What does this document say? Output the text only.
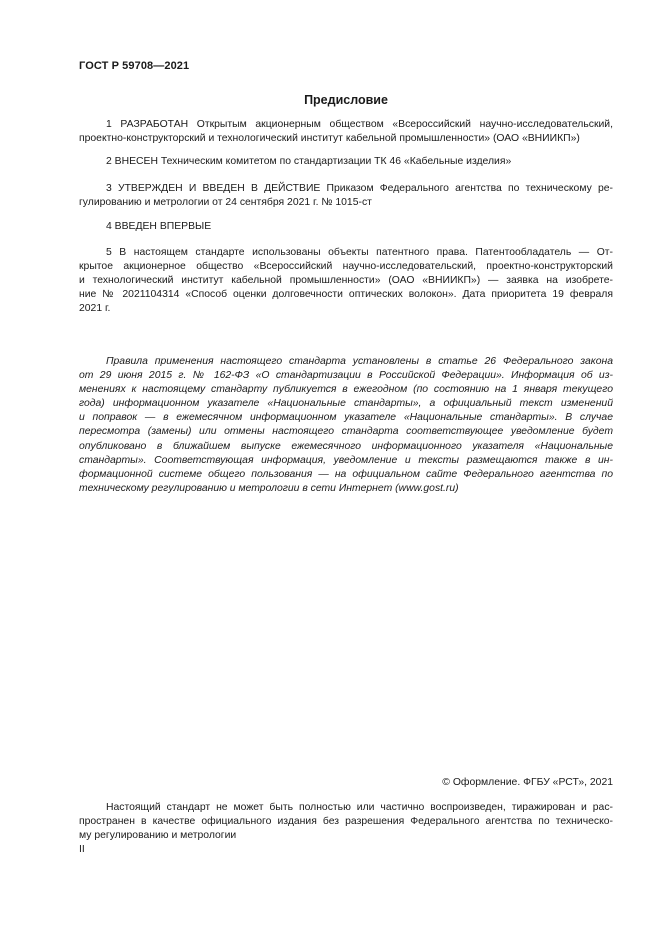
ГОСТ Р 59708—2021
Предисловие
1 РАЗРАБОТАН Открытым акционерным обществом «Всероссийский научно-исследовательский,
проектно-конструкторский и технологический институт кабельной промышленности» (ОАО «ВНИИКП»)
2 ВНЕСЕН Техническим комитетом по стандартизации ТК 46 «Кабельные изделия»
3 УТВЕРЖДЕН И ВВЕДЕН В ДЕЙСТВИЕ Приказом Федерального агентства по техническому ре-
гулированию и метрологии от 24 сентября 2021 г. № 1015-ст
4 ВВЕДЕН ВПЕРВЫЕ
5 В настоящем стандарте использованы объекты патентного права. Патентообладатель — От-
крытое акционерное общество «Всероссийский научно-исследовательский, проектно-конструкторский
и технологический институт кабельной промышленности» (ОАО «ВНИИКП») — заявка на изобрете-
ние № 2021104314 «Способ оценки долговечности оптических волокон». Дата приоритета 19 февраля
2021 г.
Правила применения настоящего стандарта установлены в статье 26 Федерального закона
от 29 июня 2015 г. № 162-ФЗ «О стандартизации в Российской Федерации». Информация об из-
менениях к настоящему стандарту публикуется в ежегодном (по состоянию на 1 января текущего
года) информационном указателе «Национальные стандарты», а официальный текст изменений
и поправок — в ежемесячном информационном указателе «Национальные стандарты». В случае
пересмотра (замены) или отмены настоящего стандарта соответствующее уведомление будет
опубликовано в ближайшем выпуске ежемесячного информационного указателя «Национальные
стандарты». Соответствующая информация, уведомление и тексты размещаются также в ин-
формационной системе общего пользования — на официальном сайте Федерального агентства по
техническому регулированию и метрологии в сети Интернет (www.gost.ru)
© Оформление. ФГБУ «РСТ», 2021
Настоящий стандарт не может быть полностью или частично воспроизведен, тиражирован и рас-
пространен в качестве официального издания без разрешения Федерального агентства по техническо-
му регулированию и метрологии
II
